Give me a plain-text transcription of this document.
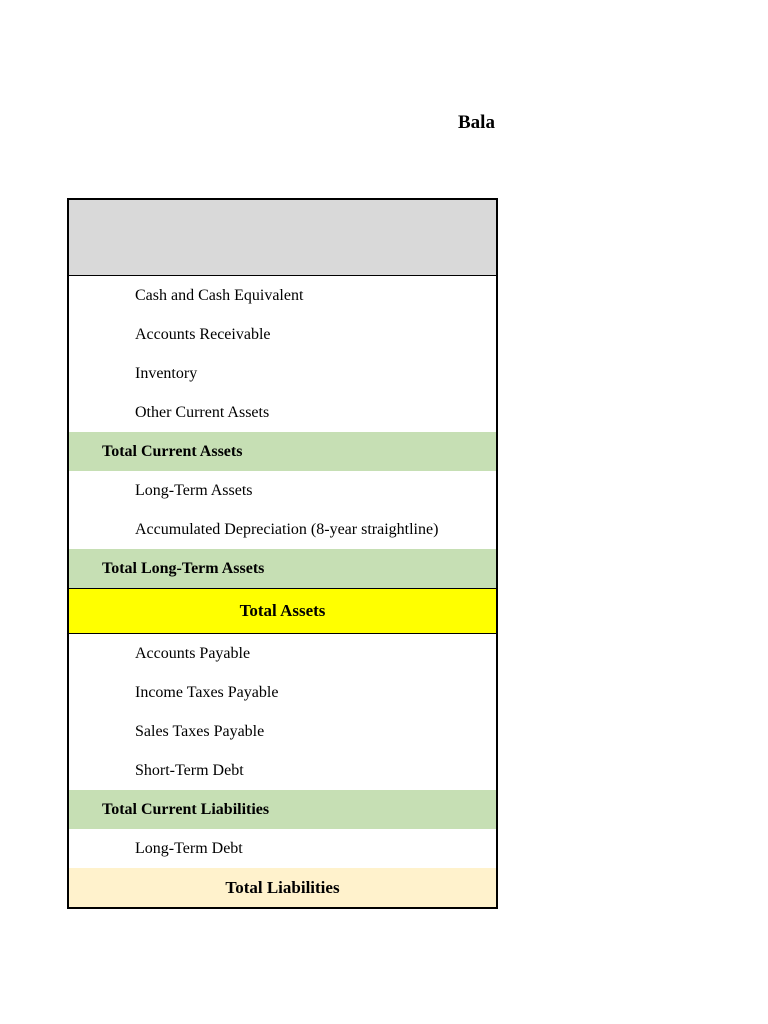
Bala
Cash and Cash Equivalent
Accounts Receivable
Inventory
Other Current Assets
Total Current Assets
Long-Term Assets
Accumulated Depreciation (8-year straightline)
Total Long-Term Assets
Total Assets
Accounts Payable
Income Taxes Payable
Sales Taxes Payable
Short-Term Debt
Total Current Liabilities
Long-Term Debt
Total Liabilities
